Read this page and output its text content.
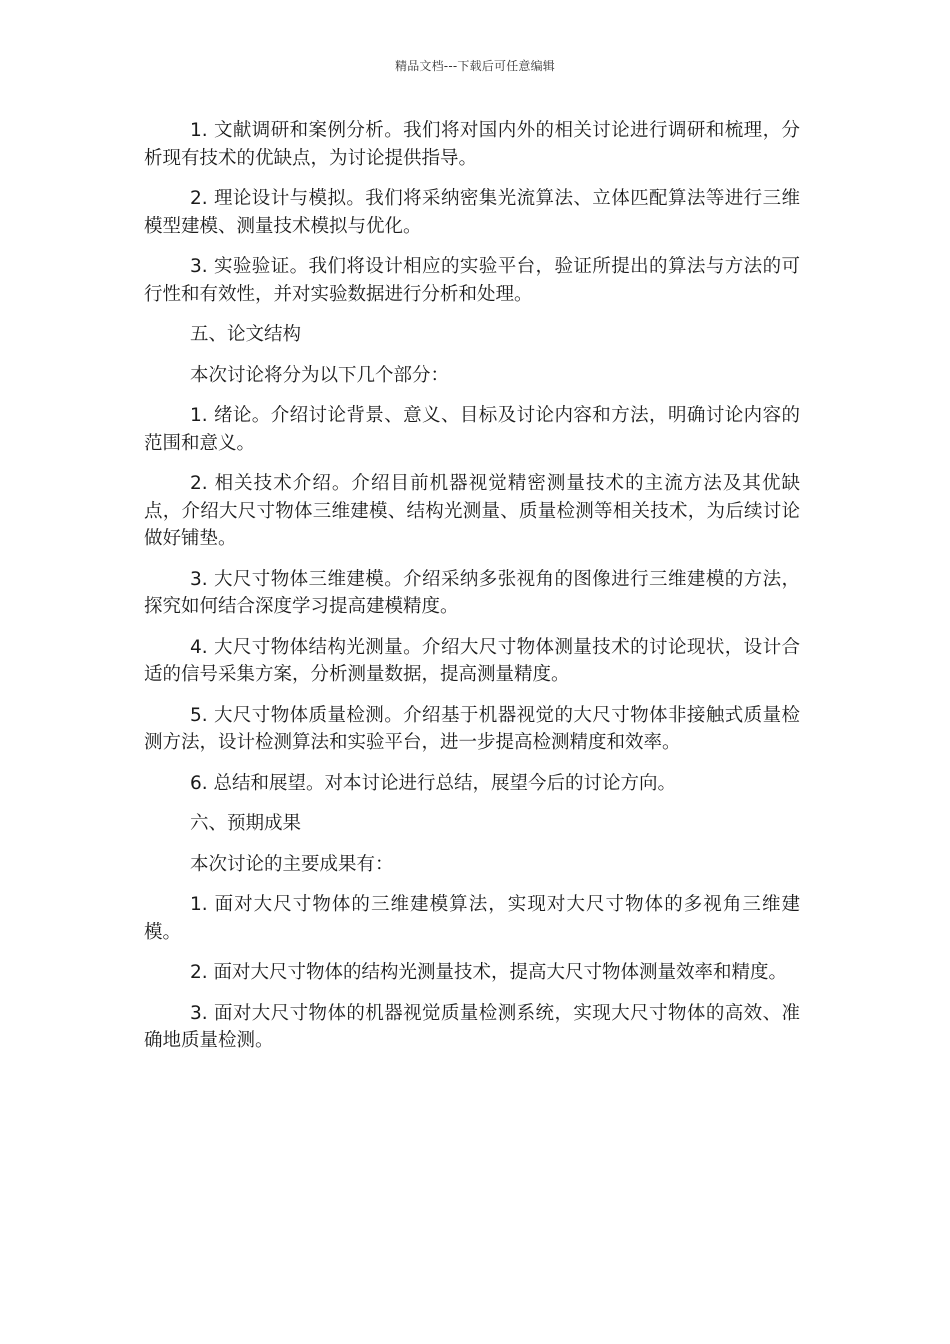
精品文档---下载后可任意编辑

1. 文献调研和案例分析。我们将对国内外的相关讨论进行调研和梳理，分析现有技术的优缺点，为讨论提供指导。

2. 理论设计与模拟。我们将采纳密集光流算法、立体匹配算法等进行三维模型建模、测量技术模拟与优化。

3. 实验验证。我们将设计相应的实验平台，验证所提出的算法与方法的可行性和有效性，并对实验数据进行分析和处理。

五、论文结构

本次讨论将分为以下几个部分：

1. 绪论。介绍讨论背景、意义、目标及讨论内容和方法，明确讨论内容的范围和意义。

2. 相关技术介绍。介绍目前机器视觉精密测量技术的主流方法及其优缺点，介绍大尺寸物体三维建模、结构光测量、质量检测等相关技术，为后续讨论做好铺垫。

3. 大尺寸物体三维建模。介绍采纳多张视角的图像进行三维建模的方法，探究如何结合深度学习提高建模精度。

4. 大尺寸物体结构光测量。介绍大尺寸物体测量技术的讨论现状，设计合适的信号采集方案，分析测量数据，提高测量精度。

5. 大尺寸物体质量检测。介绍基于机器视觉的大尺寸物体非接触式质量检测方法，设计检测算法和实验平台，进一步提高检测精度和效率。

6. 总结和展望。对本讨论进行总结，展望今后的讨论方向。

六、预期成果

本次讨论的主要成果有：

1. 面对大尺寸物体的三维建模算法，实现对大尺寸物体的多视角三维建模。

2. 面对大尺寸物体的结构光测量技术，提高大尺寸物体测量效率和精度。

3. 面对大尺寸物体的机器视觉质量检测系统，实现大尺寸物体的高效、准确地质量检测。
